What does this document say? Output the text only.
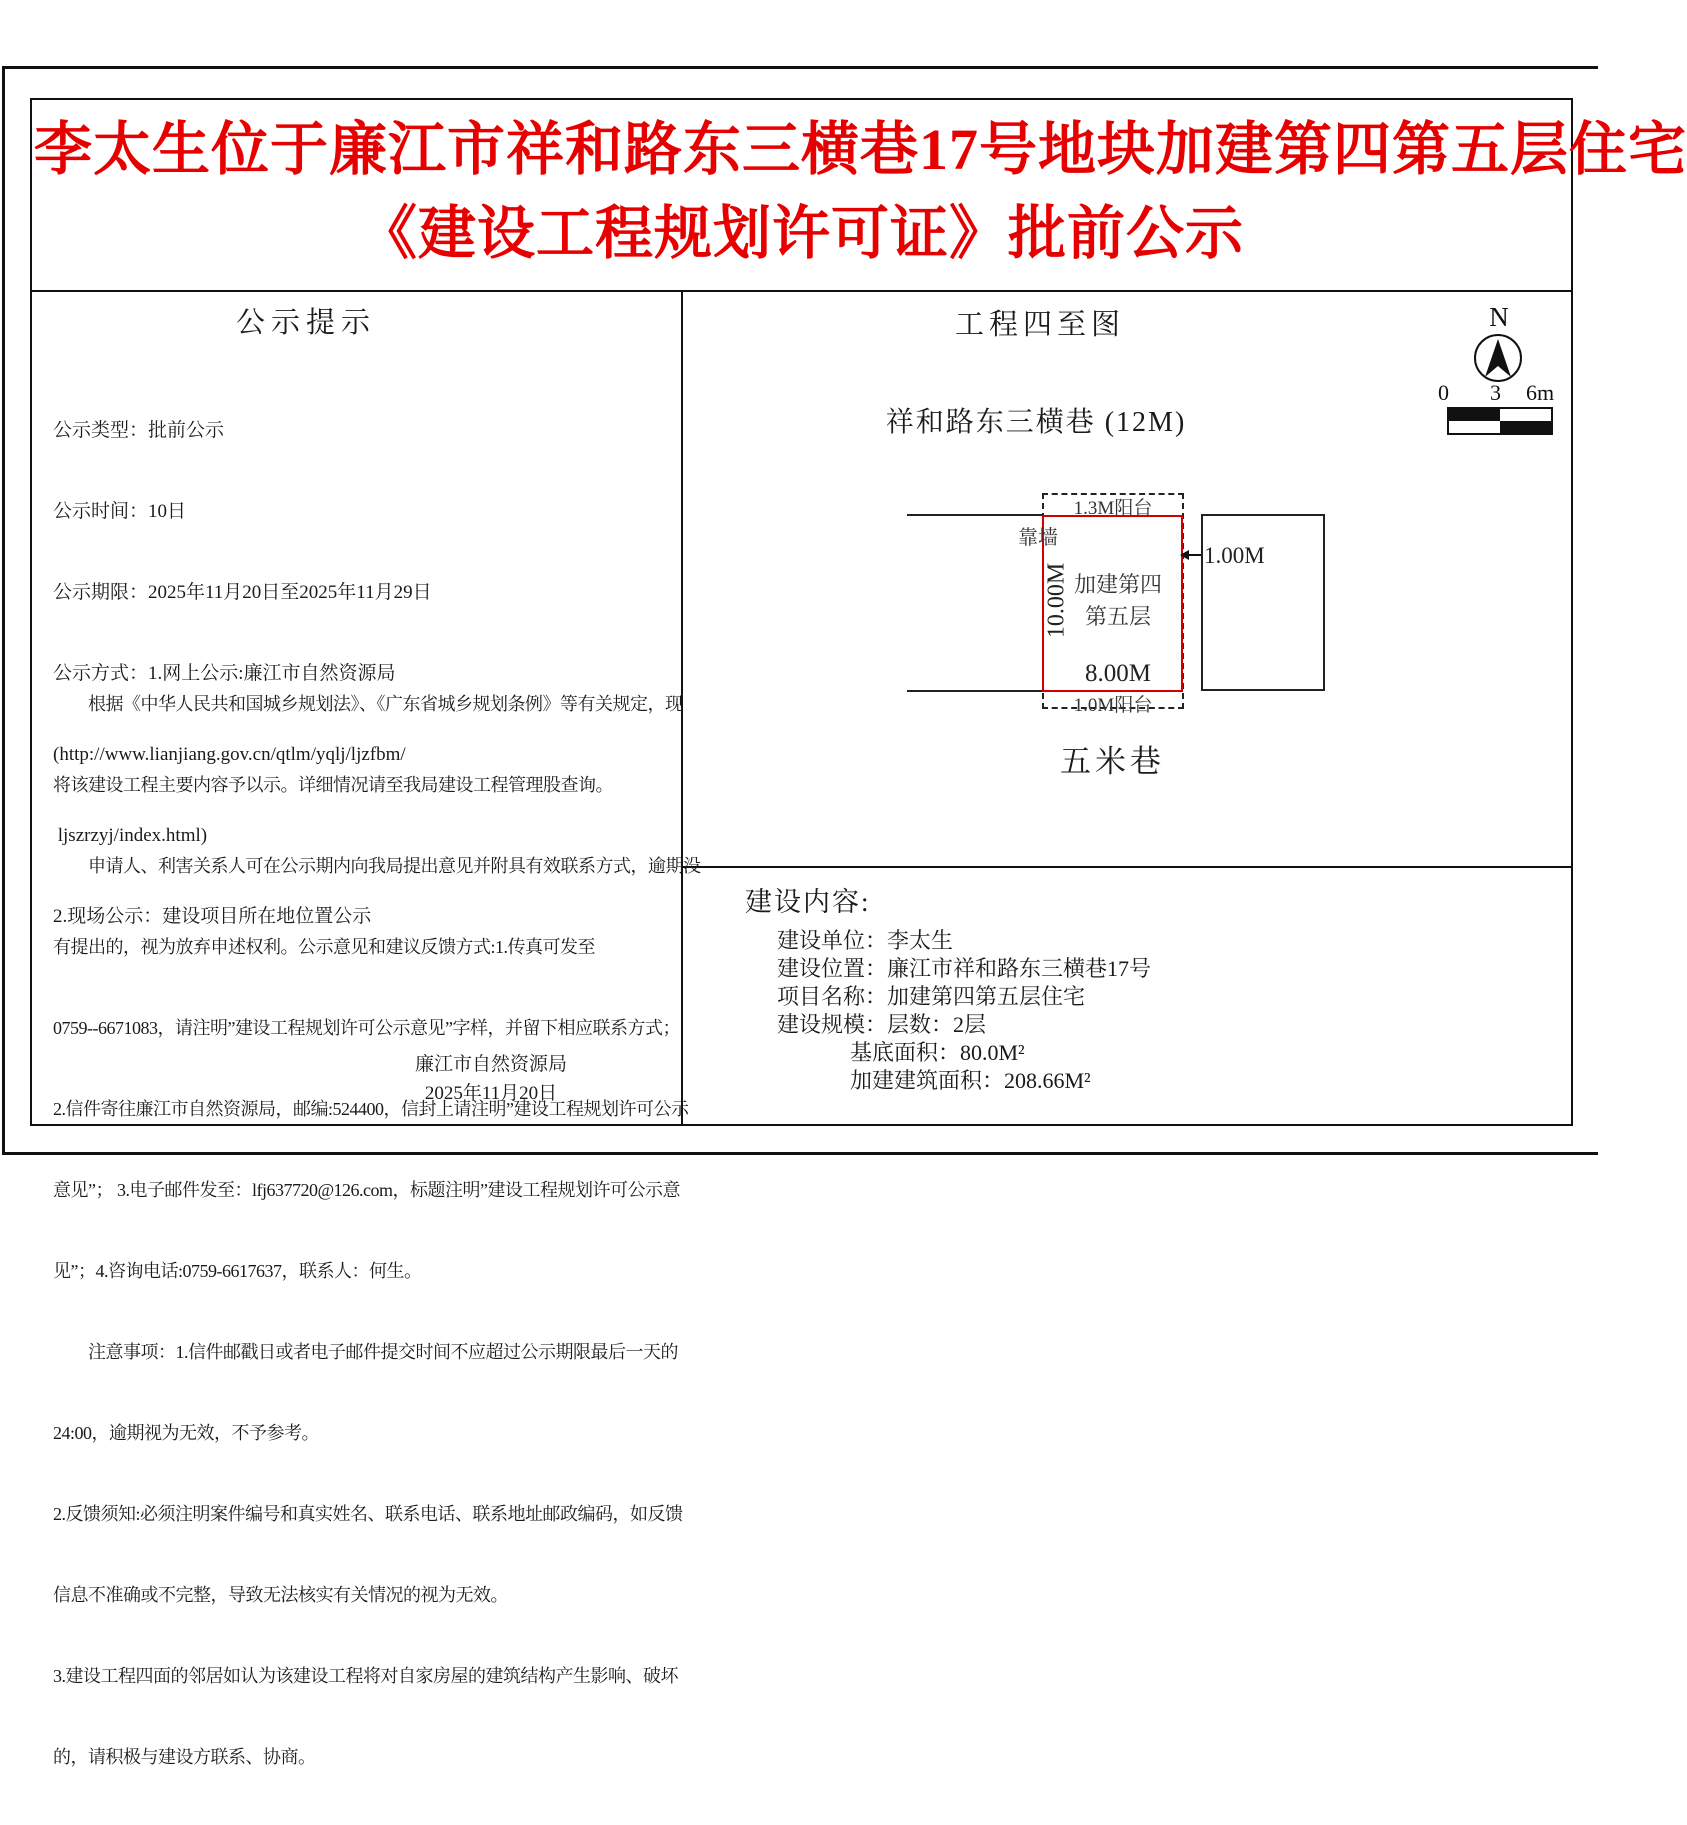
李太生位于廉江市祥和路东三横巷17号地块加建第四第五层住宅
《建设工程规划许可证》批前公示
公示提示

公示类型：批前公示

公示时间：10日

公示期限：2025年11月20日至2025年11月29日

公示方式：1.网上公示:廉江市自然资源局

(http://www.lianjiang.gov.cn/qtlm/yqlj/ljzfbm/

ljszrzyj/index.html)

2.现场公示：建设项目所在地位置公示

　　根据《中华人民共和国城乡规划法》、《广东省城乡规划条例》等有关规定，现

将该建设工程主要内容予以示。详细情况请至我局建设工程管理股查询。

　　申请人、利害关系人可在公示期内向我局提出意见并附具有效联系方式，逾期没

有提出的，视为放弃申述权利。公示意见和建议反馈方式:1.传真可发至

0759--6671083，请注明”建设工程规划许可公示意见”字样，并留下相应联系方式；

2.信件寄往廉江市自然资源局，邮编:524400，信封上请注明”建设工程规划许可公示

意见”； 3.电子邮件发至：lfj637720@126.com，标题注明”建设工程规划许可公示意

见”；4.咨询电话:0759-6617637，联系人：何生。

　　注意事项：1.信件邮戳日或者电子邮件提交时间不应超过公示期限最后一天的

24:00，逾期视为无效，不予参考。

2.反馈须知:必须注明案件编号和真实姓名、联系电话、联系地址邮政编码，如反馈

信息不准确或不完整，导致无法核实有关情况的视为无效。

3.建设工程四面的邻居如认为该建设工程将对自家房屋的建筑结构产生影响、破坏

的，请积极与建设方联系、协商。

廉江市自然资源局
2025年11月20日
工程四至图
祥和路东三横巷 (12M)
五米巷
1.3M阳台
1.0M阳台
靠墙
10.00M 加建第四
第五层
8.00M
1.00M
N
0 3 6m
建设内容:
建设单位：李太生
建设位置：廉江市祥和路东三横巷17号
项目名称：加建第四第五层住宅
建设规模：层数：2层
基底面积：80.0M²
加建建筑面积：208.66M²
